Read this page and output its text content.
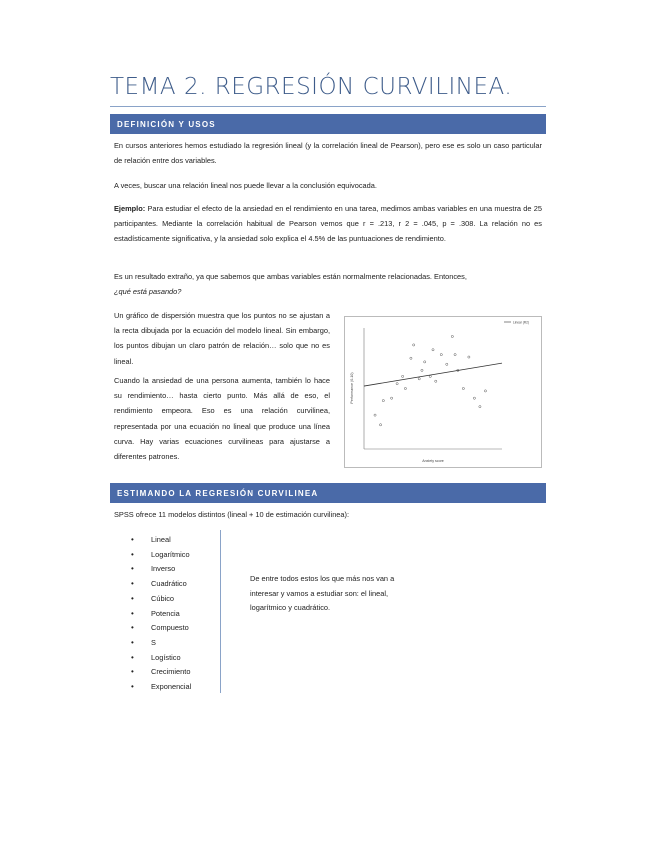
TEMA 2. REGRESIÓN CURVILINEA.
DEFINICIÓN Y USOS

En cursos anteriores hemos estudiado la regresión lineal (y la correlación lineal de Pearson), pero ese es solo un caso particular de relación entre dos variables.

A veces, buscar una relación lineal nos puede llevar a la conclusión equivocada.

Ejemplo: Para estudiar el efecto de la ansiedad en el rendimiento en una tarea, medimos ambas variables en una muestra de 25 participantes. Mediante la correlación habitual de Pearson vemos que r = .213, r 2 = .045, p = .308. La relación no es estadísticamente significativa, y la ansiedad solo explica el 4.5% de las puntuaciones de rendimiento.

Es un resultado extraño, ya que sabemos que ambas variables están normalmente relacionadas. Entonces,
¿qué está pasando?

Un gráfico de dispersión muestra que los puntos no se ajustan a la recta dibujada por la ecuación del modelo lineal. Sin embargo, los puntos dibujan un claro patrón de relación… solo que no es lineal.

Cuando la ansiedad de una persona aumenta, también lo hace su rendimiento… hasta cierto punto. Más allá de eso, el rendimiento empeora. Eso es una relación curvilinea, representada por una ecuación no lineal que produce una línea curva. Hay varias ecuaciones curvilineas para ajustarse a diferentes patrones.

Performance (0-10)
Anxiety score
Linear (R2)
ESTIMANDO LA REGRESIÓN CURVILINEA

SPSS ofrece 11 modelos distintos (lineal + 10 de estimación curvilinea):

• Lineal
• Logarítmico
• Inverso
• Cuadrático
• Cúbico
• Potencia
• Compuesto
• S
• Logístico
• Crecimiento
• Exponencial

De entre todos estos los que más nos van a interesar y vamos a estudiar son: el lineal, logarítmico y cuadrático.
